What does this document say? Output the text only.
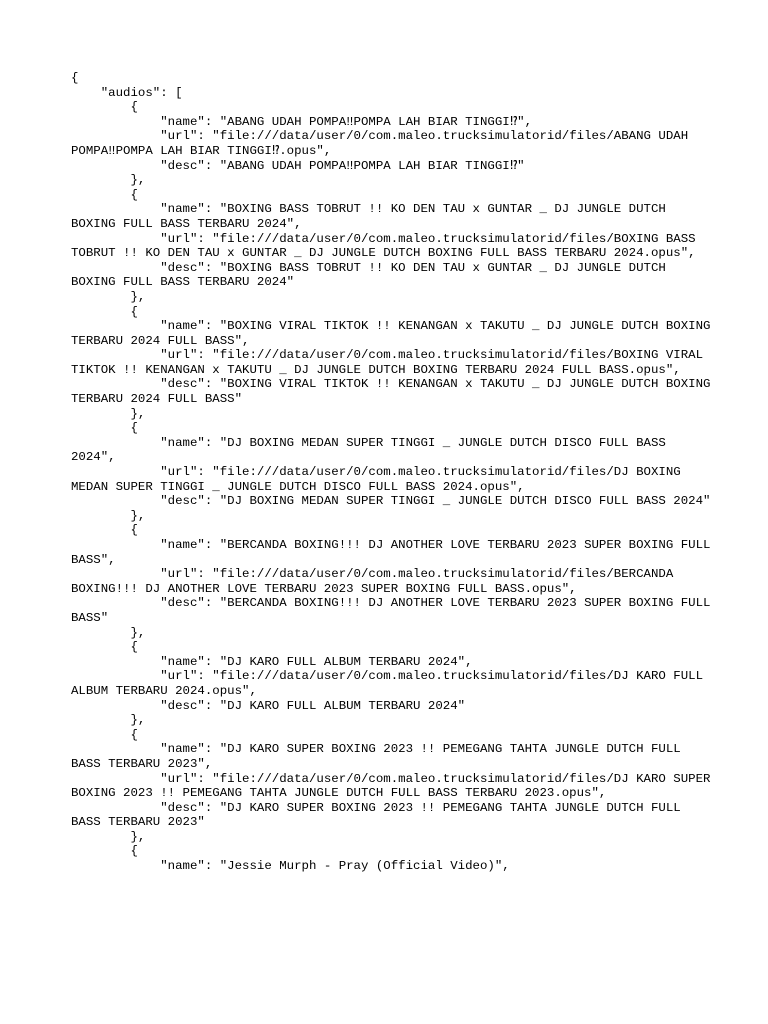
{
"audios": [
{
"name": "ABANG UDAH POMPA‼POMPA LAH BIAR TINGGI⁉",
"url": "file:///data/user/0/com.maleo.trucksimulatorid/files/ABANG UDAH POMPA‼POMPA LAH BIAR TINGGI⁉.opus",
"desc": "ABANG UDAH POMPA‼POMPA LAH BIAR TINGGI⁉"
},
{
"name": "BOXING BASS TOBRUT !! KO DEN TAU x GUNTAR _ DJ JUNGLE DUTCH BOXING FULL BASS TERBARU 2024",
"url": "file:///data/user/0/com.maleo.trucksimulatorid/files/BOXING BASS TOBRUT !! KO DEN TAU x GUNTAR _ DJ JUNGLE DUTCH BOXING FULL BASS TERBARU 2024.opus",
"desc": "BOXING BASS TOBRUT !! KO DEN TAU x GUNTAR _ DJ JUNGLE DUTCH BOXING FULL BASS TERBARU 2024"
},
{
"name": "BOXING VIRAL TIKTOK !! KENANGAN x TAKUTU _ DJ JUNGLE DUTCH BOXING TERBARU 2024 FULL BASS",
"url": "file:///data/user/0/com.maleo.trucksimulatorid/files/BOXING VIRAL TIKTOK !! KENANGAN x TAKUTU _ DJ JUNGLE DUTCH BOXING TERBARU 2024 FULL BASS.opus",
"desc": "BOXING VIRAL TIKTOK !! KENANGAN x TAKUTU _ DJ JUNGLE DUTCH BOXING TERBARU 2024 FULL BASS"
},
{
"name": "DJ BOXING MEDAN SUPER TINGGI _ JUNGLE DUTCH DISCO FULL BASS 2024",
"url": "file:///data/user/0/com.maleo.trucksimulatorid/files/DJ BOXING MEDAN SUPER TINGGI _ JUNGLE DUTCH DISCO FULL BASS 2024.opus",
"desc": "DJ BOXING MEDAN SUPER TINGGI _ JUNGLE DUTCH DISCO FULL BASS 2024"
},
{
"name": "BERCANDA BOXING!!! DJ ANOTHER LOVE TERBARU 2023 SUPER BOXING FULL BASS",
"url": "file:///data/user/0/com.maleo.trucksimulatorid/files/BERCANDA BOXING!!! DJ ANOTHER LOVE TERBARU 2023 SUPER BOXING FULL BASS.opus",
"desc": "BERCANDA BOXING!!! DJ ANOTHER LOVE TERBARU 2023 SUPER BOXING FULL BASS"
},
{
"name": "DJ KARO FULL ALBUM TERBARU 2024",
"url": "file:///data/user/0/com.maleo.trucksimulatorid/files/DJ KARO FULL ALBUM TERBARU 2024.opus",
"desc": "DJ KARO FULL ALBUM TERBARU 2024"
},
{
"name": "DJ KARO SUPER BOXING 2023 !! PEMEGANG TAHTA JUNGLE DUTCH FULL BASS TERBARU 2023",
"url": "file:///data/user/0/com.maleo.trucksimulatorid/files/DJ KARO SUPER BOXING 2023 !! PEMEGANG TAHTA JUNGLE DUTCH FULL BASS TERBARU 2023.opus",
"desc": "DJ KARO SUPER BOXING 2023 !! PEMEGANG TAHTA JUNGLE DUTCH FULL BASS TERBARU 2023"
},
{
"name": "Jessie Murph - Pray (Official Video)",
